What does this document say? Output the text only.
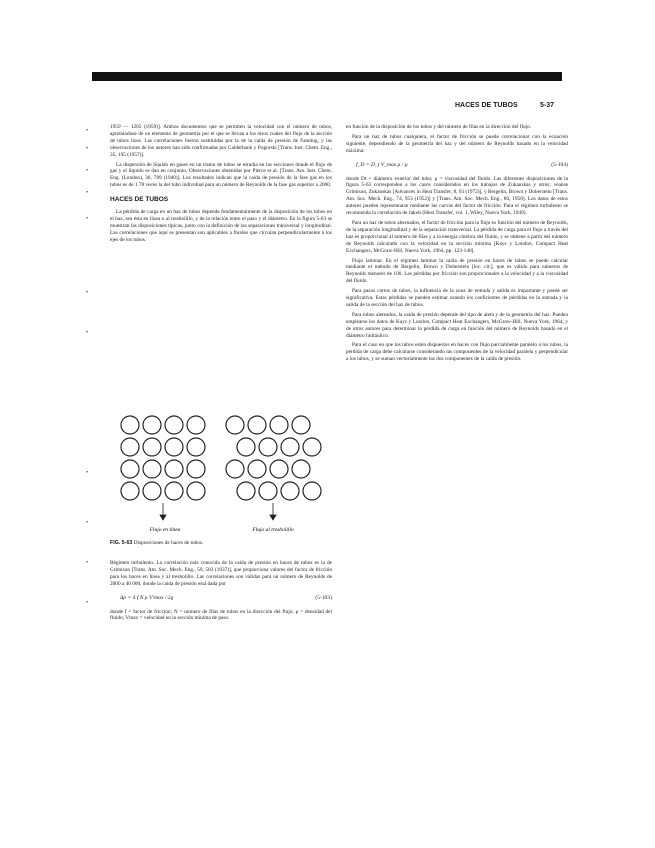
HACES DE TUBOS	5-37
•
•
•
•
•
•
•
•
•
•
•

1959 — 1205 (1959)]. Ambos documentos que se permiten la velocidad con el número de tubos, aprobándose de un elemento de geometría por el que se llevan a los otros cuales del flujo de la sección de tubos lisos. Las correlaciones fueron sustituidas por la de la caída de presión de Fanning, y las observaciones de los autores han sido confirmadas por Calderbank y Pogorski [Trans. Inst. Chem. Eng., 35, 195 (1957)].

La dispersión de líquido en gases en un tramo de tubos se estudia en las secciones donde el flujo de gas y el líquido se dan en conjunto. Observaciones obtenidas por Pierce et al. [Trans. Am. Inst. Chem. Eng. (London), 36, 789 (1940)]. Los resultados indican que la caída de presión de la fase gas en los tubos es de 1.78 veces la del tubo individual para un número de Reynolds de la fase gas superior a 2000.

HACES DE TUBOS

La pérdida de carga en un haz de tubos depende fundamentalmente de la disposición de los tubos en el haz, sea ésta en línea o al tresbolillo, y de la relación entre el paso y el diámetro. En la figura 5-63 se muestran las disposiciones típicas, junto con la definición de las separaciones transversal y longitudinal. Las correlaciones que aquí se presentan son aplicables a fluidos que circulan perpendicularmente a los ejes de los tubos.

Flujo en línea	Flujo al tresbolillo
FIG. 5-63 Disposiciones de haces de tubos.

Régimen turbulento. La correlación más conocida de la caída de presión en haces de tubos es la de Grimison [Trans. Am. Soc. Mech. Eng., 59, 583 (1937)], que proporciona valores del factor de fricción para los haces en línea y al tresbolillo. Las correlaciones son válidas para un número de Reynolds de 2000 a 40 000, donde la caída de presión está dada por

Δp = 4 f N ρ V²max / 2g	(5-103)

donde f = factor de fricción; N = número de filas de tubos en la dirección del flujo; ρ = densidad del fluido; Vmax = velocidad en la sección mínima de paso.

en función de la disposición de los tubos y del número de filas en la dirección del flujo.

Para un haz de tubos cualquiera, el factor de fricción se puede correlacionar con la ecuación siguiente, dependiendo de la geometría del haz y del número de Reynolds basado en la velocidad máxima:

f_D = D_t V_max ρ / μ	(5-104)

donde Dt = diámetro exterior del tubo; μ = viscosidad del fluido. Las diferentes disposiciones de la figura 5-63 corresponden a los casos considerados en los trabajos de Zukauskas y otros; véanse Grimison, Zukauskas [Advances in Heat Transfer, 8, 93 (1972)], y Bergelin, Brown y Doberstein [Trans. Am. Soc. Mech. Eng., 74, 953 (1952)] y [Trans. Am. Soc. Mech. Eng., 80, 1958]. Los datos de estos autores pueden representarse mediante las curvas del factor de fricción. Para el régimen turbulento se recomienda la correlación de Jakob (Heat Transfer, vol. 1, Wiley, Nueva York, 1949).

Para un haz de tubos alternados, el factor de fricción para la flujo es función del número de Reynolds, de la separación longitudinal y de la separación transversal. La pérdida de carga para el flujo a través del haz es proporcional al número de filas y a la energía cinética del fluido, y se obtiene a partir del número de Reynolds calculado con la velocidad en la sección mínima [Kays y London, Compact Heat Exchangers, McGraw-Hill, Nueva York, 1964, pp. 123-140].

Flujo laminar. En el régimen laminar la caída de presión en haces de tubos se puede calcular mediante el método de Bergelin, Brown y Doberstein [loc. cit.], que es válido para números de Reynolds menores de 100. Las pérdidas por fricción son proporcionales a la velocidad y a la viscosidad del fluido.

Para pasos cortos de tubos, la influencia de la zona de entrada y salida es importante y puede ser significativa. Estas pérdidas se pueden estimar usando los coeficientes de pérdidas en la entrada y la salida de la sección del haz de tubos.

Para tubos aleteados, la caída de presión depende del tipo de aleta y de la geometría del haz. Pueden emplearse los datos de Kays y London, Compact Heat Exchangers, McGraw-Hill, Nueva York, 1964, y de otros autores para determinar la pérdida de carga en función del número de Reynolds basado en el diámetro hidráulico.

Para el caso en que los tubos estén dispuestos en haces con flujo parcialmente paralelo a los tubos, la pérdida de carga debe calcularse considerando las componentes de la velocidad paralela y perpendicular a los tubos, y se suman vectorialmente las dos componentes de la caída de presión.
